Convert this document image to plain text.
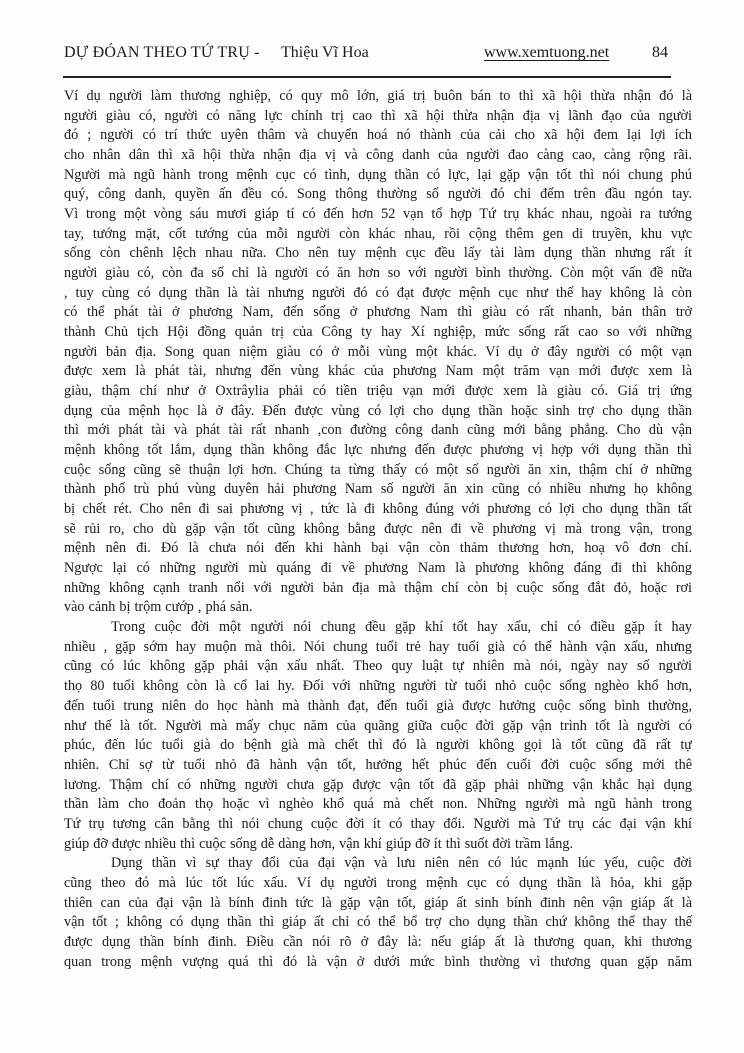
DỰ ĐÓAN THEO TỨ TRỤ - Thiệu Vĩ Hoa	www.xemtuong.net	84
Ví dụ người làm thương nghiệp, có quy mô lớn, giá trị buôn bán to thì xã hội thừa nhận đó là
người giàu có, người có năng lực chính trị cao thì xã hội thừa nhận địa vị lãnh đạo của người
đó ; người có trí thức uyên thâm và chuyển hoá nó thành của cải cho xã hội đem lại lợi ích
cho nhân dân thì xã hội thừa nhận địa vị và công danh của người đao càng cao, càng rộng rãi.
Người mà ngũ hành trong mệnh cục có tình, dụng thần có lực, lại gặp vận tốt thì nói chung phú
quý, công danh, quyền ấn đều có. Song thông thường số người đó chỉ đếm trên đầu ngón tay.
Vì trong một vòng sáu mươi giáp tí có đến hơn 52 vạn tổ hợp Tứ trụ khác nhau, ngoài ra tướng
tay, tướng mặt, cốt tướng của mỗi người còn khác nhau, rồi cộng thêm gen di truyền, khu vực
sống còn chênh lệch nhau nữa. Cho nên tuy mệnh cục đều lấy tài làm dụng thần nhưng rất ít
người giàu có, còn đa số chỉ là người có ăn hơn so với người bình thường. Còn một vấn đề nữa
, tuy cùng có dụng thần là tài nhưng người đó có đạt được mệnh cục như thế hay không là còn
có thể phát tài ở phương Nam, đến sống ở phương Nam thì giàu có rất nhanh, bản thân trở
thành Chủ tịch Hội đồng quản trị của Công ty hay Xí nghiệp, mức sống rất cao so với những
người bản địa. Song quan niệm giàu có ở mỗi vùng một khác. Ví dụ ở đây người có một vạn
được xem là phát tài, nhưng đến vùng khác của phương Nam một trăm vạn mới được xem là
giàu, thậm chí như ở Oxtrâylia phải có tiền triệu vạn mới được xem là giàu có. Giá trị ứng
dụng của mệnh học là ở đây. Đến được vùng có lợi cho dụng thần hoặc sinh trợ cho dụng thần
thì mới phát tài và phát tài rất nhanh ,con đường công danh cũng mới bằng phẳng. Cho dù vận
mệnh không tốt lắm, dụng thần không đắc lực nhưng đến được phương vị hợp với dụng thần thì
cuộc sống cũng sẽ thuận lợi hơn. Chúng ta từng thấy có một số người ăn xin, thậm chí ở những
thành phố trù phú vùng duyên hải phương Nam số người ăn xin cũng có nhiều nhưng họ không
bị chết rét. Cho nên đi sai phương vị , tức là đi không đúng với phương có lợi cho dụng thần tất
sẽ rủi ro, cho dù gặp vận tốt cũng không bằng được nên đi về phương vị mà trong vận, trong
mệnh nên đi. Đó là chưa nói đến khi hành bại vận còn thảm thương hơn, hoạ vô đơn chí.
Ngược lại có những người mù quáng đi về phương Nam là phương không đáng đi thì không
những không cạnh tranh nổi với người bản địa mà thậm chí còn bị cuộc sống đắt đỏ, hoặc rơi
vào cảnh bị trộm cướp , phá sản.
Trong cuộc đời một người nói chung đều gặp khí tốt hay xấu, chỉ có điều gặp ít hay
nhiều , gặp sớm hay muộn mà thôi. Nói chung tuổi trẻ hay tuổi già có thể hành vận xấu, nhưng
cũng có lúc không gặp phải vận xấu nhất. Theo quy luật tự nhiên mà nói, ngày nay số người
thọ 80 tuổi không còn là cổ lai hy. Đối với những người từ tuổi nhỏ cuộc sống nghèo khổ hơn,
đến tuổi trung niên do học hành mà thành đạt, đến tuổi già được hưởng cuộc sống bình thường,
như thế là tốt. Người mà mấy chục năm của quãng giữa cuộc đời gặp vận trình tốt là người có
phúc, đến lúc tuổi già do bệnh già mà chết thì đó là người không gọi là tốt cũng đã rất tự
nhiên. Chỉ sợ từ tuổi nhỏ đã hành vận tốt, hưởng hết phúc đến cuối đời cuộc sống mới thê
lương. Thậm chí có những người chưa gặp được vận tốt đã gặp phải những vận khắc hại dụng
thần làm cho đoản thọ hoặc vì nghèo khổ quá mà chết non. Những người mà ngũ hành trong
Tứ trụ tương cân bằng thì nói chung cuộc đời ít có thay đổi. Người mà Tứ trụ các đại vận khí
giúp đỡ được nhiều thì cuộc sống dễ dàng hơn, vận khí giúp đỡ ít thì suốt đời trầm lắng.
Dụng thần vì sự thay đổi của đại vận và lưu niên nên có lúc mạnh lúc yếu, cuộc đời
cũng theo đó mà lúc tốt lúc xấu. Ví dụ người trong mệnh cục có dụng thần là hỏa, khi gặp
thiên can của đại vận là bính đinh tức là gặp vận tốt, giáp ất sinh bính đinh nên vận giáp ất là
vận tốt ; không có dụng thần thì giáp ất chỉ có thể bổ trợ cho dụng thần chứ không thể thay thế
được dụng thần bính đinh. Điều cần nói rõ ở đây là: nếu giáp ất là thương quan, khi thương
quan trong mệnh vượng quá thì đó là vận ở dưới mức bình thường vì thương quan gặp năm
